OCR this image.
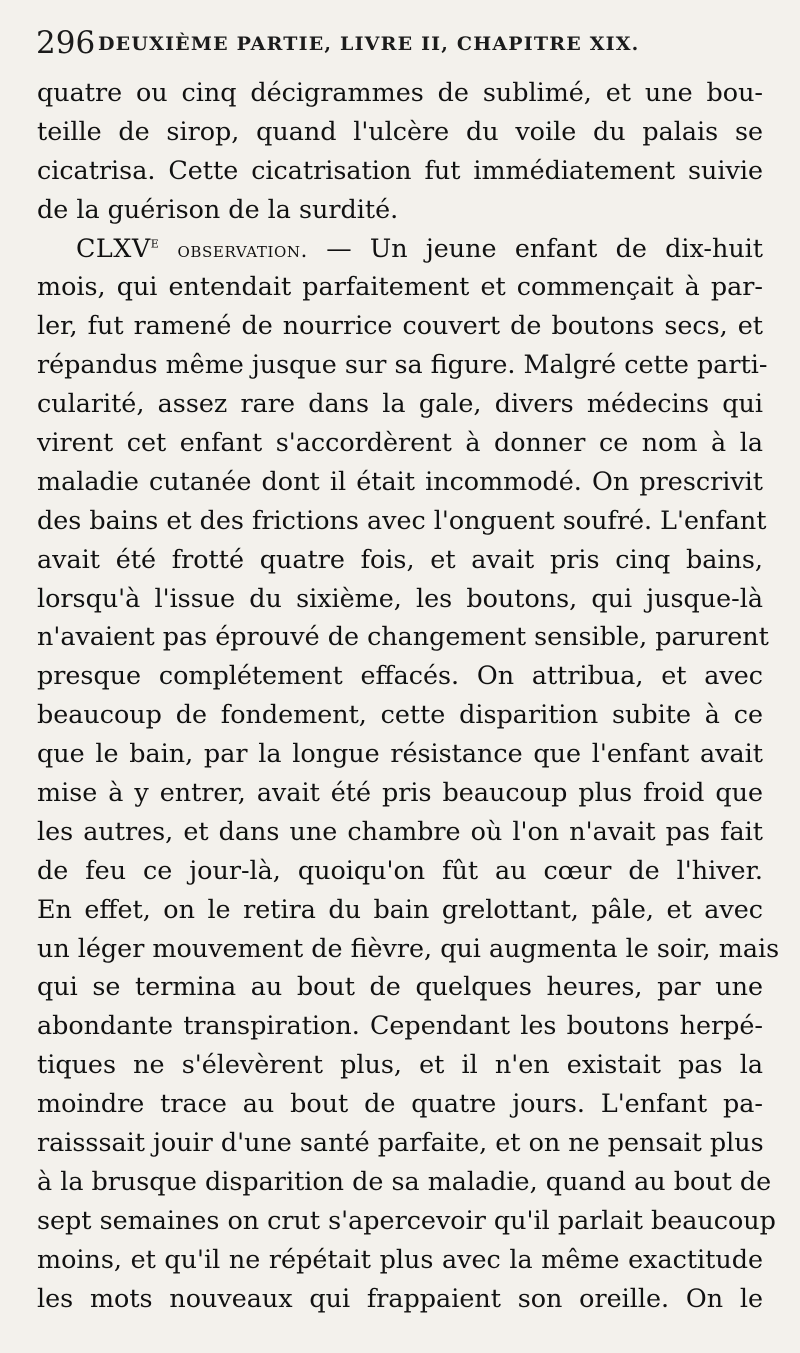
296 DEUXIÈME PARTIE, LIVRE II, CHAPITRE XIX.
quatre ou cinq décigrammes de sublimé, et une bou-
teille de sirop, quand l'ulcère du voile du palais se
cicatrisa. Cette cicatrisation fut immédiatement suivie
de la guérison de la surdité.
CLXVe observation. — Un jeune enfant de dix-huit
mois, qui entendait parfaitement et commençait à par-
ler, fut ramené de nourrice couvert de boutons secs, et
répandus même jusque sur sa figure. Malgré cette parti-
cularité, assez rare dans la gale, divers médecins qui
virent cet enfant s'accordèrent à donner ce nom à la
maladie cutanée dont il était incommodé. On prescrivit
des bains et des frictions avec l'onguent soufré. L'enfant
avait été frotté quatre fois, et avait pris cinq bains,
lorsqu'à l'issue du sixième, les boutons, qui jusque-là
n'avaient pas éprouvé de changement sensible, parurent
presque complétement effacés. On attribua, et avec
beaucoup de fondement, cette disparition subite à ce
que le bain, par la longue résistance que l'enfant avait
mise à y entrer, avait été pris beaucoup plus froid que
les autres, et dans une chambre où l'on n'avait pas fait
de feu ce jour-là, quoiqu'on fût au cœur de l'hiver.
En effet, on le retira du bain grelottant, pâle, et avec
un léger mouvement de fièvre, qui augmenta le soir, mais
qui se termina au bout de quelques heures, par une
abondante transpiration. Cependant les boutons herpé-
tiques ne s'élevèrent plus, et il n'en existait pas la
moindre trace au bout de quatre jours. L'enfant pa-
raisssait jouir d'une santé parfaite, et on ne pensait plus
à la brusque disparition de sa maladie, quand au bout de
sept semaines on crut s'apercevoir qu'il parlait beaucoup
moins, et qu'il ne répétait plus avec la même exactitude
les mots nouveaux qui frappaient son oreille. On le
